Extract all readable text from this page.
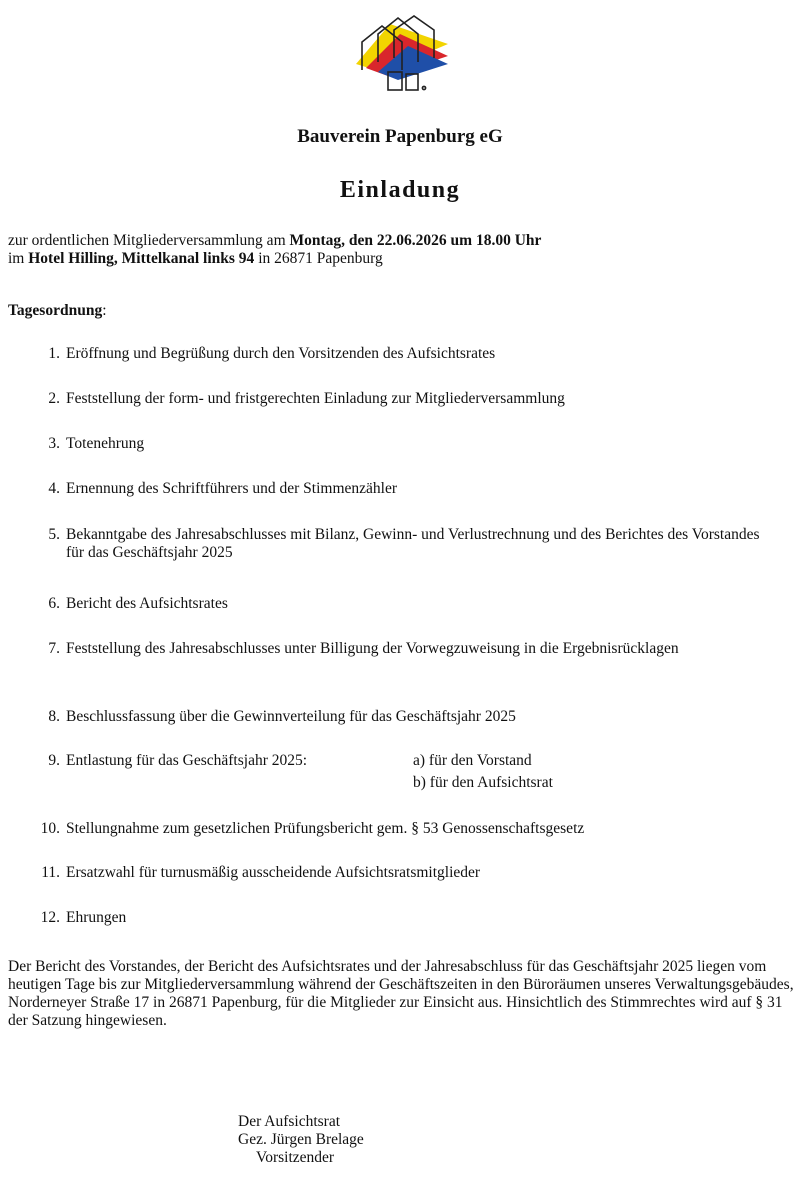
Bauverein Papenburg eG
Einladung

zur ordentlichen Mitgliederversammlung am Montag, den 22.06.2026 um 18.00 Uhr

im Hotel Hilling, Mittelkanal links 94 in 26871 Papenburg

Tagesordnung:

1. Eröffnung und Begrüßung durch den Vorsitzenden des Aufsichtsrates
2. Feststellung der form- und fristgerechten Einladung zur Mitgliederversammlung
3. Totenehrung
4. Ernennung des Schriftführers und der Stimmenzähler
5. Bekanntgabe des Jahresabschlusses mit Bilanz, Gewinn- und Verlustrechnung und des Berichtes des Vorstandes für das Geschäftsjahr 2025
6. Bericht des Aufsichtsrates
7. Feststellung des Jahresabschlusses unter Billigung der Vorwegzuweisung in die Ergebnisrücklagen
8. Beschlussfassung über die Gewinnverteilung für das Geschäftsjahr 2025
9. Entlastung für das Geschäftsjahr 2025:	a) für den Vorstand
b) für den Aufsichtsrat
10. Stellungnahme zum gesetzlichen Prüfungsbericht gem. § 53 Genossenschaftsgesetz
11. Ersatzwahl für turnusmäßig ausscheidende Aufsichtsratsmitglieder
12. Ehrungen

Der Bericht des Vorstandes, der Bericht des Aufsichtsrates und der Jahresabschluss für das Geschäftsjahr 2025 liegen vom heutigen Tage bis zur Mitgliederversammlung während der Geschäftszeiten in den Büroräumen unseres Verwaltungsgebäudes, Norderneyer Straße 17 in 26871 Papenburg, für die Mitglieder zur Einsicht aus. Hinsichtlich des Stimmrechtes wird auf § 31 der Satzung hingewiesen.

Der Aufsichtsrat
Gez. Jürgen Brelage
Vorsitzender
